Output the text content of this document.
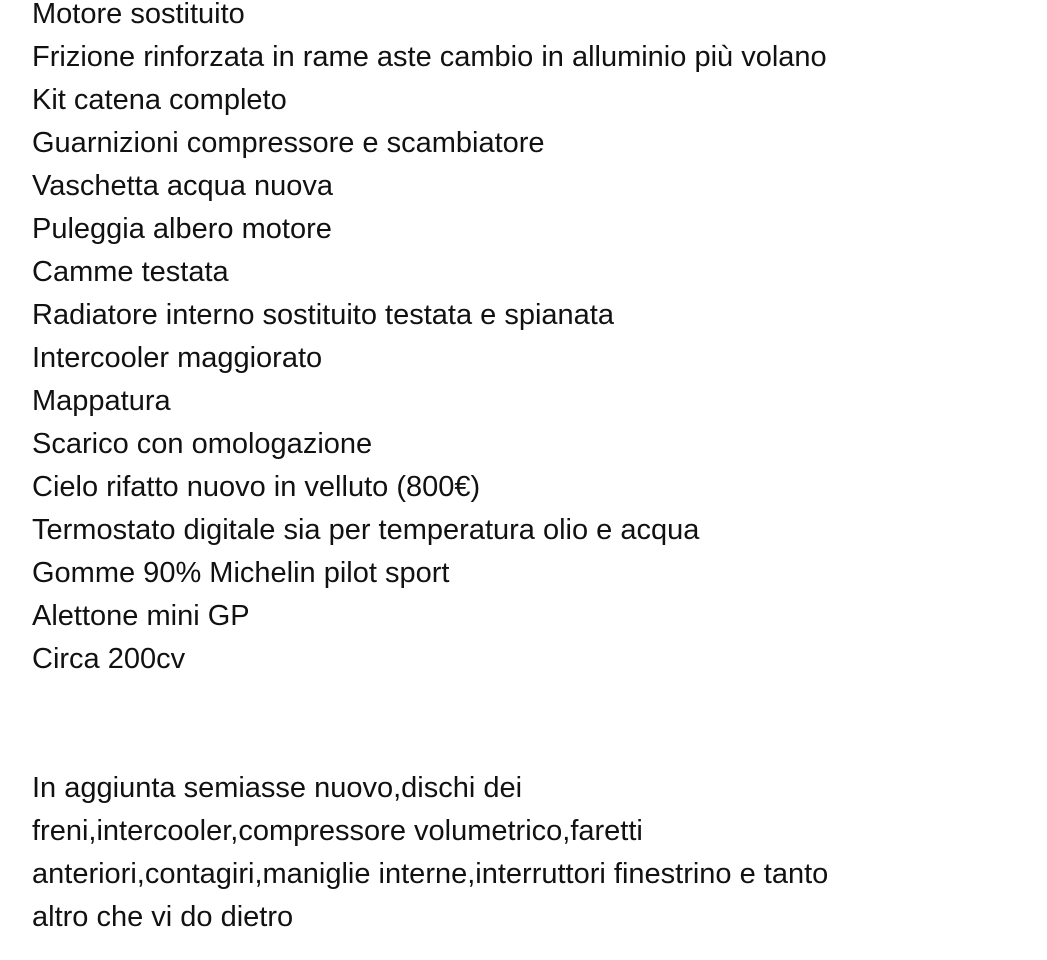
Motore sostituito
Frizione rinforzata in rame aste cambio in alluminio più volano
Kit catena completo
Guarnizioni compressore e scambiatore
Vaschetta acqua nuova
Puleggia albero motore
Camme testata
Radiatore interno sostituito testata e spianata
Intercooler maggiorato
Mappatura
Scarico con omologazione
Cielo rifatto nuovo in velluto (800€)
Termostato digitale sia per temperatura olio e acqua
Gomme 90% Michelin pilot sport
Alettone mini GP
Circa 200cv
In aggiunta semiasse nuovo,dischi dei
freni,intercooler,compressore volumetrico,faretti
anteriori,contagiri,maniglie interne,interruttori finestrino e tanto
altro che vi do dietro
